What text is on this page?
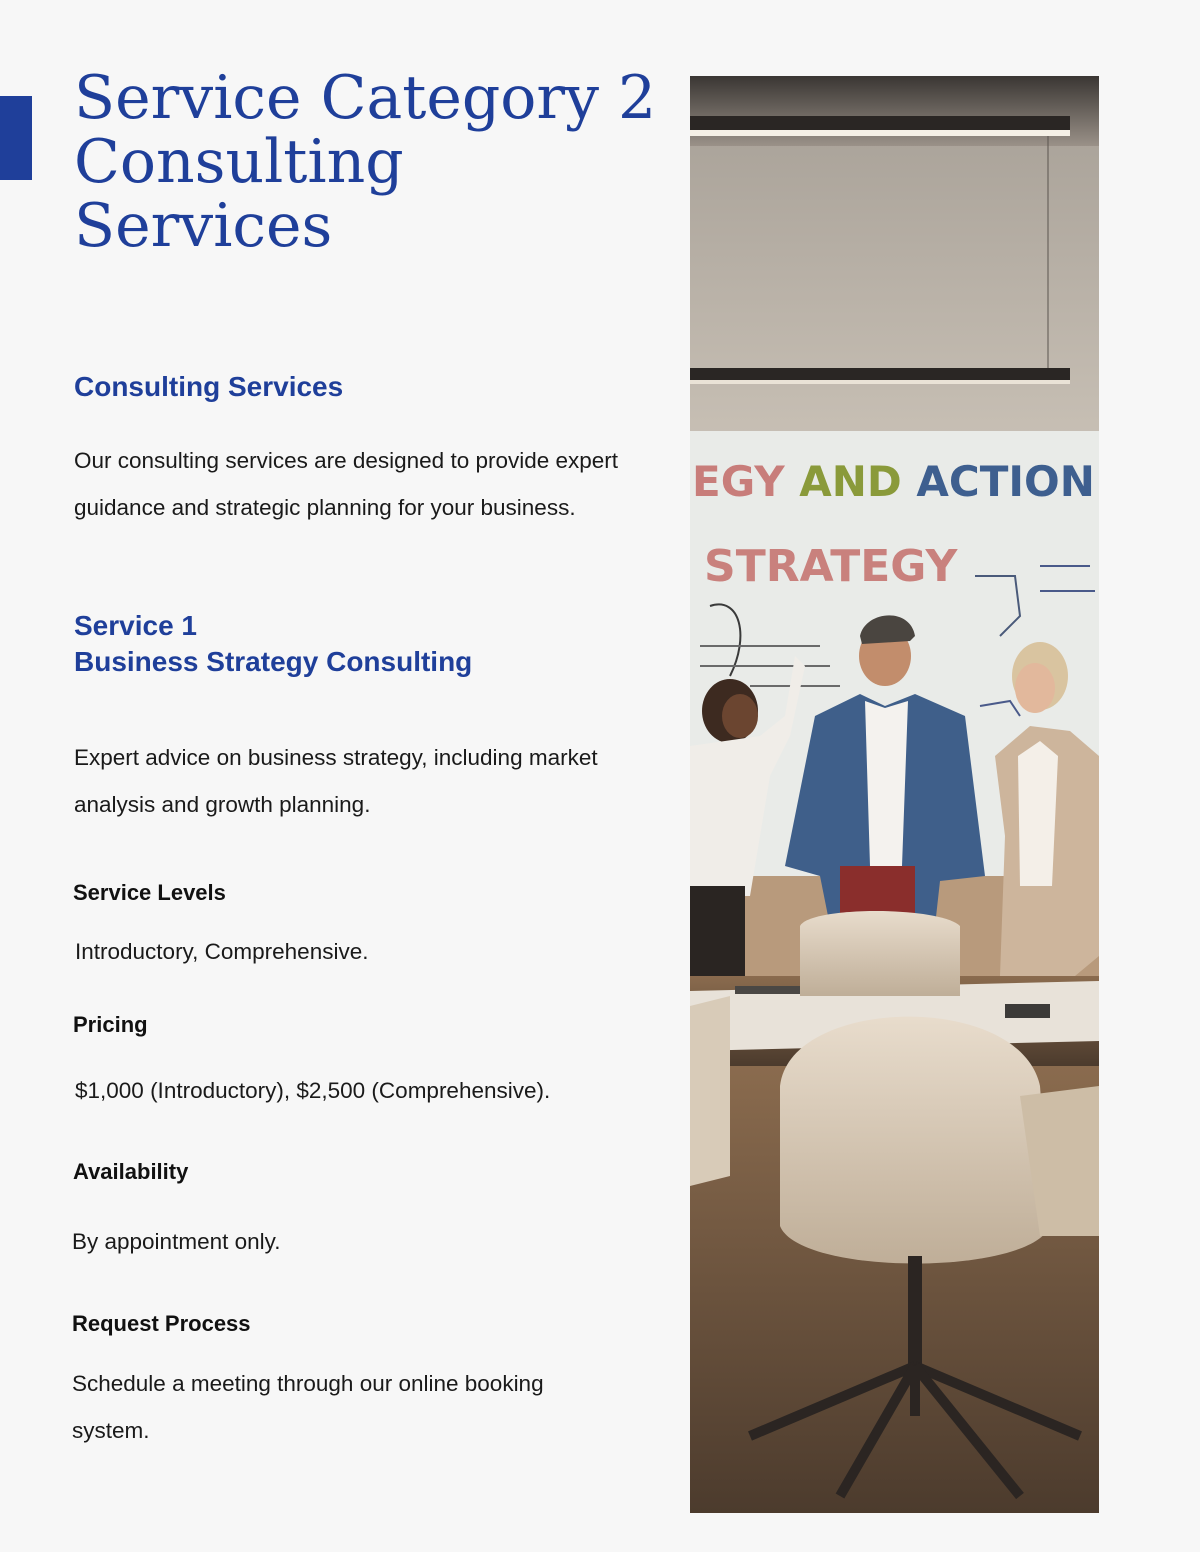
Service Category 2
Consulting
Services
Consulting Services

Our consulting services are designed to provide expert guidance and strategic planning for your business.

Service 1
Business Strategy Consulting

Expert advice on business strategy, including market analysis and growth planning.

Service Levels

Introductory, Comprehensive.

Pricing

$1,000 (Introductory), $2,500 (Comprehensive).

Availability

By appointment only.

Request Process

Schedule a meeting through our online booking system.

EGY AND ACTION
STRATEGY
